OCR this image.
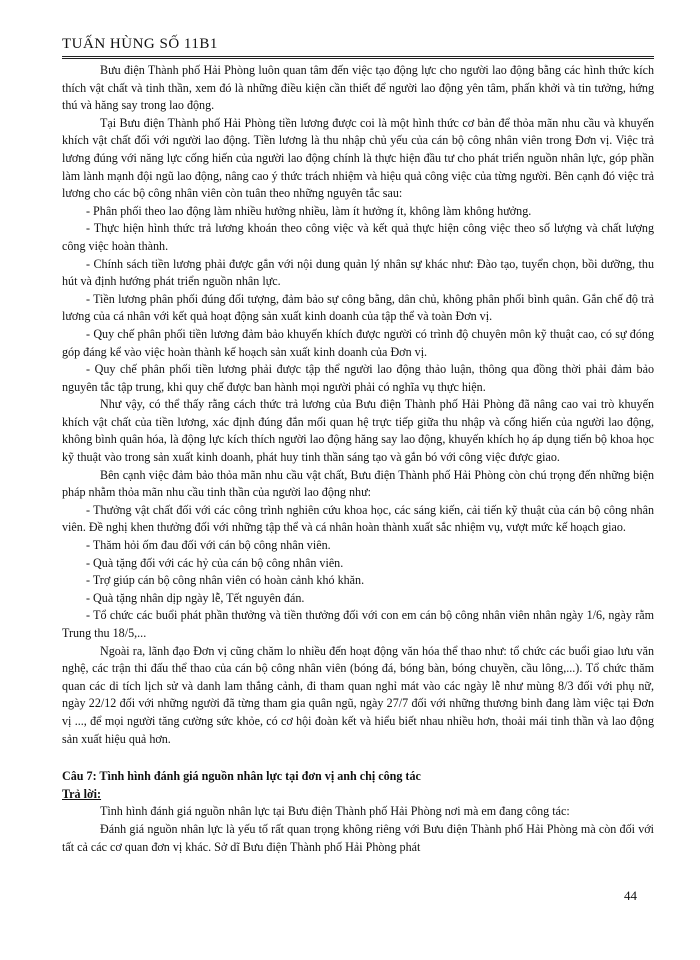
TUẤN HÙNG SỐ 11B1

Bưu điện Thành phố Hải Phòng luôn quan tâm đến việc tạo động lực cho người lao động bằng các hình thức kích thích vật chất và tinh thần, xem đó là những điều kiện cần thiết để người lao động yên tâm, phấn khởi và tin tưởng, hứng thú và hăng say trong lao động.

Tại Bưu điện Thành phố Hải Phòng tiền lương được coi là một hình thức cơ bản để thỏa mãn nhu cầu và khuyến khích vật chất đối với người lao động. Tiền lương là thu nhập chủ yếu của cán bộ công nhân viên trong Đơn vị. Việc trả lương đúng với năng lực cống hiến của người lao động chính là thực hiện đầu tư cho phát triển nguồn nhân lực, góp phần làm lành mạnh đội ngũ lao động, nâng cao ý thức trách nhiệm và hiệu quả công việc của từng người. Bên cạnh đó việc trả lương cho các bộ công nhân viên còn tuân theo những nguyên tắc sau:

- Phân phối theo lao động làm nhiều hưởng nhiều, làm ít hưởng ít, không làm không hưởng.

- Thực hiện hình thức trả lương khoán theo công việc và kết quả thực hiện công việc theo số lượng và chất lượng công việc hoàn thành.

- Chính sách tiền lương phải được gắn với nội dung quản lý nhân sự khác như: Đào tạo, tuyển chọn, bồi dưỡng, thu hút và định hướng phát triển nguồn nhân lực.

- Tiền lương phân phối đúng đối tượng, đảm bảo sự công bằng, dân chủ, không phân phối bình quân. Gắn chế độ trả lương của cá nhân với kết quả hoạt động sản xuất kinh doanh của tập thể và toàn Đơn vị.

- Quy chế phân phối tiền lương đảm bảo khuyến khích được người có trình độ chuyên môn kỹ thuật cao, có sự đóng góp đáng kể vào việc hoàn thành kế hoạch sản xuất kinh doanh của Đơn vị.

- Quy chế phân phối tiền lương phải được tập thể người lao động thảo luận, thông qua đồng thời phải đảm bảo nguyên tắc tập trung, khi quy chế được ban hành mọi người phải có nghĩa vụ thực hiện.

Như vậy, có thể thấy rằng cách thức trả lương của Bưu điện Thành phố Hải Phòng đã nâng cao vai trò khuyến khích vật chất của tiền lương, xác định đúng đắn mối quan hệ trực tiếp giữa thu nhập và cống hiến của người lao động, không bình quân hóa, là động lực kích thích người lao động hăng say lao động, khuyến khích họ áp dụng tiến bộ khoa học kỹ thuật vào trong sản xuất kinh doanh, phát huy tinh thần sáng tạo và gắn bó với công việc được giao.

Bên cạnh việc đảm bảo thỏa mãn nhu cầu vật chất, Bưu điện Thành phố Hải Phòng còn chú trọng đến những biện pháp nhằm thỏa mãn nhu cầu tinh thần của người lao động như:

- Thưởng vật chất đối với các công trình nghiên cứu khoa học, các sáng kiến, cải tiến kỹ thuật của cán bộ công nhân viên. Đề nghị khen thưởng đối với những tập thể và cá nhân hoàn thành xuất sắc nhiệm vụ, vượt mức kế hoạch giao.

- Thăm hỏi ốm đau đối với cán bộ công nhân viên.

- Quà tặng đối với các hỷ của cán bộ công nhân viên.

- Trợ giúp cán bộ công nhân viên có hoàn cảnh khó khăn.

- Quà tặng nhân dịp ngày lễ, Tết nguyên đán.

- Tổ chức các buổi phát phần thưởng và tiền thưởng đối với con em cán bộ công nhân viên nhân ngày 1/6, ngày rằm Trung thu 18/5,...

Ngoài ra, lãnh đạo Đơn vị cũng chăm lo nhiều đến hoạt động văn hóa thể thao như: tổ chức các buổi giao lưu văn nghệ, các trận thi đấu thể thao của cán bộ công nhân viên (bóng đá, bóng bàn, bóng chuyền, cầu lông,...). Tổ chức thăm quan các di tích lịch sử và danh lam thắng cảnh, đi tham quan nghỉ mát vào các ngày lễ như mùng 8/3 đối với phụ nữ, ngày 22/12 đối với những người đã từng tham gia quân ngũ, ngày 27/7 đối với những thương binh đang làm việc tại Đơn vị ..., để mọi người tăng cường sức khỏe, có cơ hội đoàn kết và hiểu biết nhau nhiều hơn, thoải mái tinh thần và lao động sản xuất hiệu quả hơn.

Câu 7: Tình hình đánh giá nguồn nhân lực tại đơn vị anh chị công tác

Trả lời:

Tình hình đánh giá nguồn nhân lực tại Bưu điện Thành phố Hải Phòng nơi mà em đang công tác:

Đánh giá nguồn nhân lực là yếu tố rất quan trọng không riêng với Bưu điện Thành phố Hải Phòng mà còn đối với tất cả các cơ quan đơn vị khác. Sở dĩ Bưu điện Thành phố Hải Phòng phát

44
